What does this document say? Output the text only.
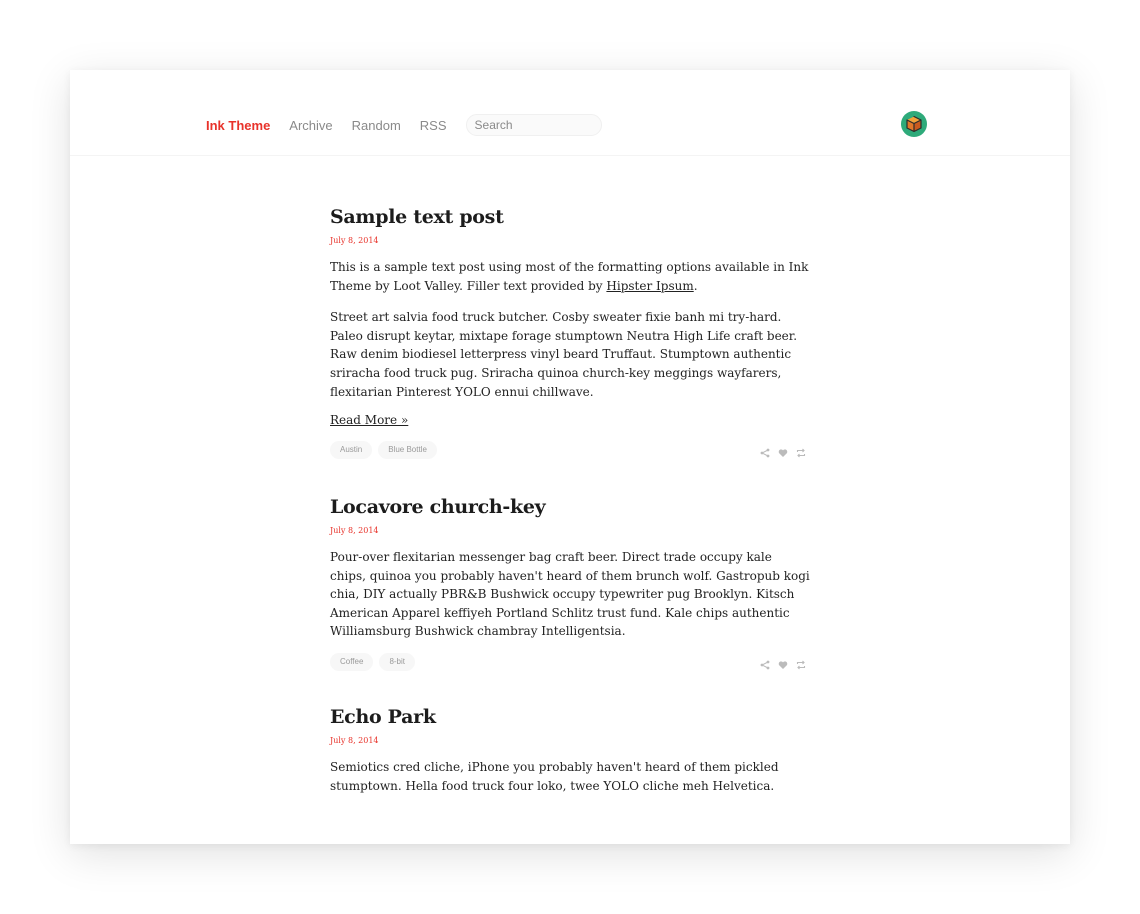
Ink Theme Archive Random RSS
Search
Sample text post
July 8, 2014

This is a sample text post using most of the formatting options available in Ink Theme by Loot Valley. Filler text provided by Hipster Ipsum.

Street art salvia food truck butcher. Cosby sweater fixie banh mi try-hard. Paleo disrupt keytar, mixtape forage stumptown Neutra High Life craft beer. Raw denim biodiesel letterpress vinyl beard Truffaut. Stumptown authentic sriracha food truck pug. Sriracha quinoa church-key meggings wayfarers, flexitarian Pinterest YOLO ennui chillwave.

Read More »
Austin	Blue Bottle
Locavore church-key
July 8, 2014

Pour-over flexitarian messenger bag craft beer. Direct trade occupy kale chips, quinoa you probably haven't heard of them brunch wolf. Gastropub kogi chia, DIY actually PBR&B Bushwick occupy typewriter pug Brooklyn. Kitsch American Apparel keffiyeh Portland Schlitz trust fund. Kale chips authentic Williamsburg Bushwick chambray Intelligentsia.

Coffee	8-bit
Echo Park
July 8, 2014

Semiotics cred cliche, iPhone you probably haven't heard of them pickled stumptown. Hella food truck four loko, twee YOLO cliche meh Helvetica.
